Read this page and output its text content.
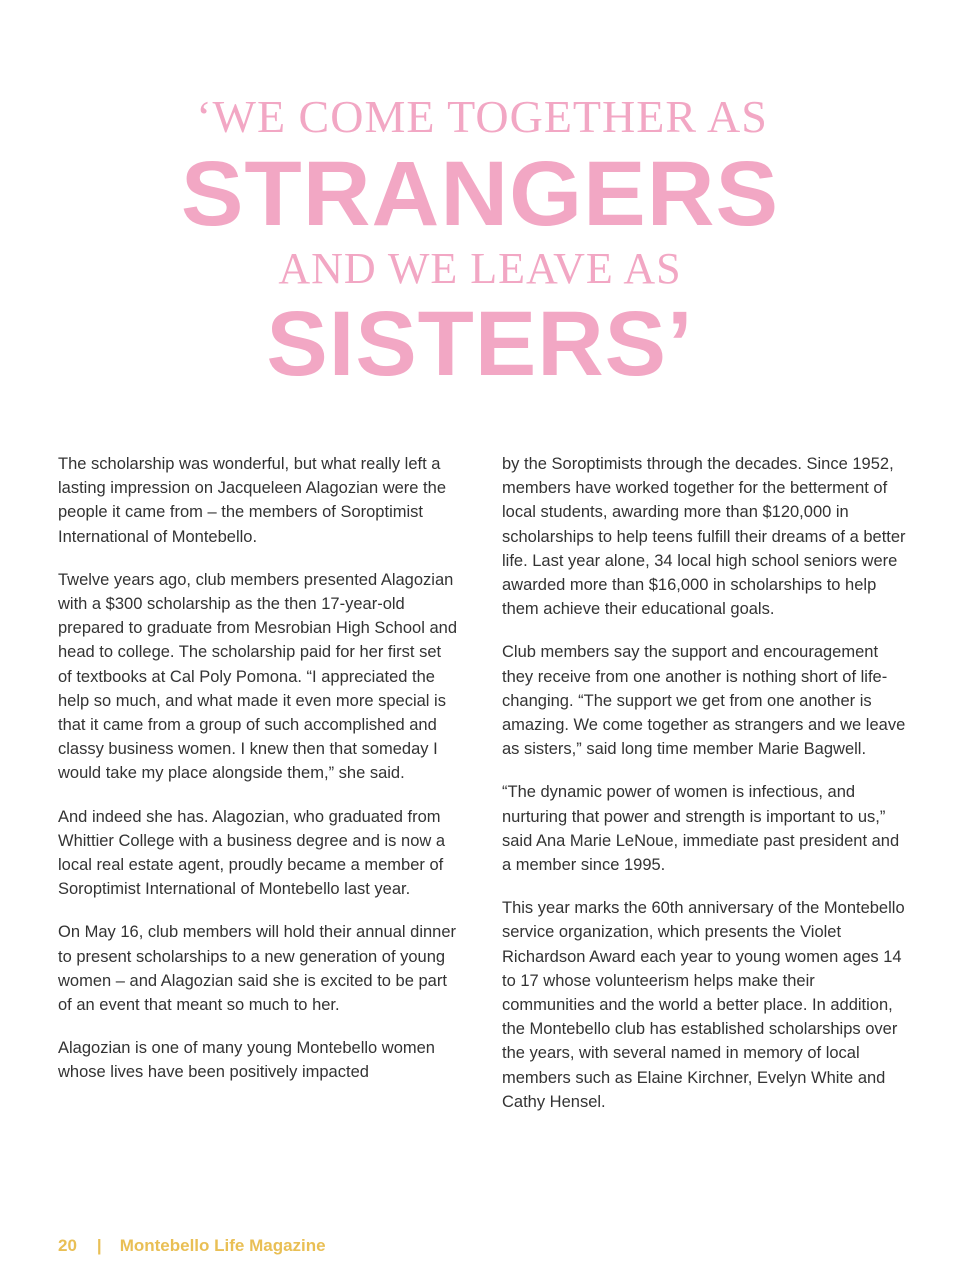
‘WE COME TOGETHER AS
STRANGERS
AND WE LEAVE AS
SISTERS’

The scholarship was wonderful, but what really left a lasting impression on Jacqueleen Alagozian were the people it came from – the members of Soroptimist International of Montebello.

Twelve years ago, club members presented Alagozian with a $300 scholarship as the then 17-year-old prepared to graduate from Mesrobian High School and head to college. The scholarship paid for her first set of textbooks at Cal Poly Pomona. “I appreciated the help so much, and what made it even more special is that it came from a group of such accomplished and classy business women. I knew then that someday I would take my place alongside them,” she said.

And indeed she has. Alagozian, who graduated from Whittier College with a business degree and is now a local real estate agent, proudly became a member of Soroptimist International of Montebello last year.

On May 16, club members will hold their annual dinner to present scholarships to a new generation of young women – and Alagozian said she is excited to be part of an event that meant so much to her.

Alagozian is one of many young Montebello women whose lives have been positively impacted

by the Soroptimists through the decades. Since 1952, members have worked together for the betterment of local students, awarding more than $120,000 in scholarships to help teens fulfill their dreams of a better life. Last year alone, 34 local high school seniors were awarded more than $16,000 in scholarships to help them achieve their educational goals.

Club members say the support and encouragement they receive from one another is nothing short of life-changing. “The support we get from one another is amazing. We come together as strangers and we leave as sisters,” said long time member Marie Bagwell.

“The dynamic power of women is infectious, and nurturing that power and strength is important to us,” said Ana Marie LeNoue, immediate past president and a member since 1995.

This year marks the 60th anniversary of the Montebello service organization, which presents the Violet Richardson Award each year to young women ages 14 to 17 whose volunteerism helps make their communities and the world a better place. In addition, the Montebello club has established scholarships over the years, with several named in memory of local members such as Elaine Kirchner, Evelyn White and Cathy Hensel.

20 | Montebello Life Magazine
